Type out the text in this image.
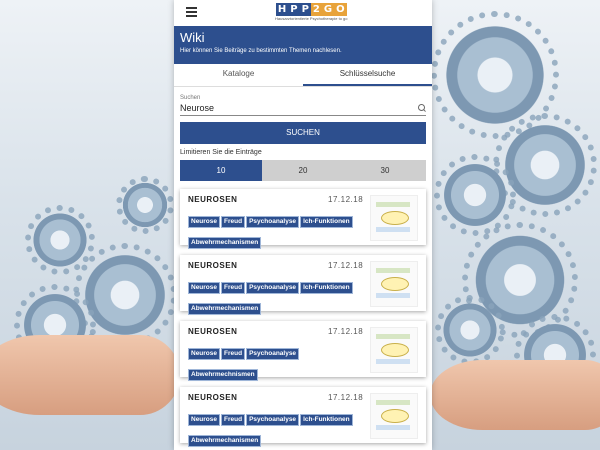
H P P 2 G O
Hausarztorientierte Psychotherapie to go
Wiki
Hier können Sie Beiträge zu bestimmten Themen nachlesen.
Kataloge	Schlüsselsuche
Suchen
Neurose
SUCHEN
Limitieren Sie die Einträge
10	20	30
NEUROSEN	17.12.18
Neurose Freud Psychoanalyse Ich-FunktionenAbwehrmechanismen
NEUROSEN	17.12.18
Neurose Freud Psychoanalyse Ich-FunktionenAbwehrmechanismen
NEUROSEN	17.12.18
Neurose Freud PsychoanalyseAbwehrmechnismen
NEUROSEN	17.12.18
Neurose Freud Psychoanalyse Ich-FunktionenAbwehrmechanismen
